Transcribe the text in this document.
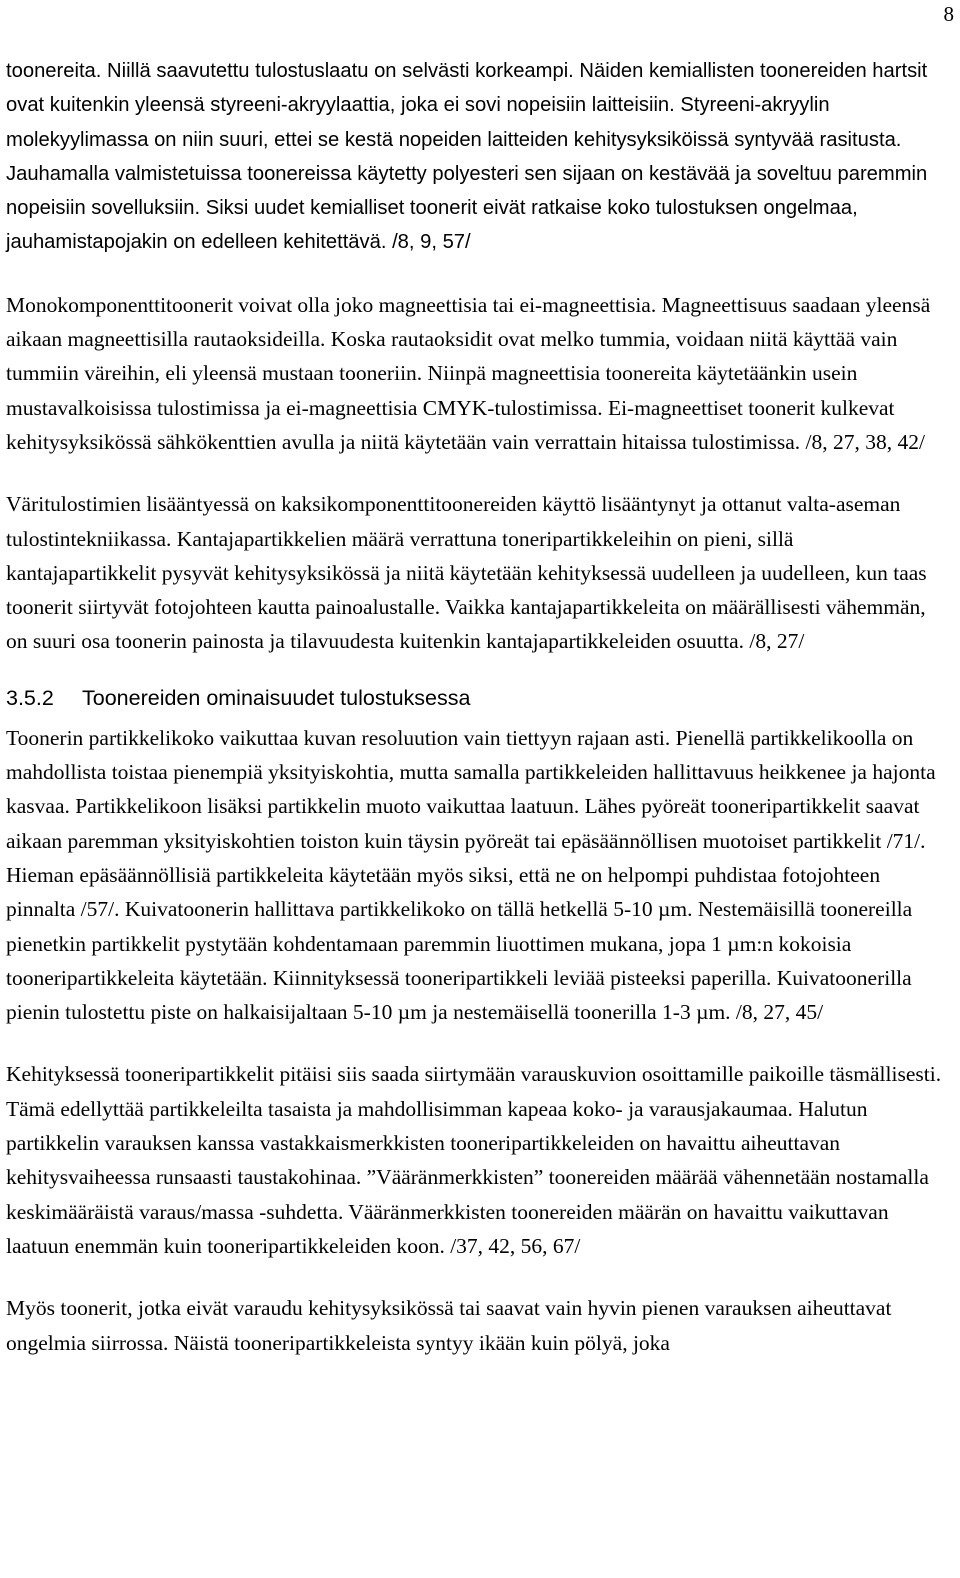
8

toonereita. Niillä saavutettu tulostuslaatu on selvästi korkeampi. Näiden kemiallisten toonereiden hartsit ovat kuitenkin yleensä styreeni-akryylaattia, joka ei sovi nopeisiin laitteisiin. Styreeni-akryylin molekyylimassa on niin suuri, ettei se kestä nopeiden laitteiden kehitysyksiköissä syntyvää rasitusta. Jauhamalla valmistetuissa toonereissa käytetty polyesteri sen sijaan on kestävää ja soveltuu paremmin nopeisiin sovelluksiin. Siksi uudet kemialliset toonerit eivät ratkaise koko tulostuksen ongelmaa, jauhamistapojakin on edelleen kehitettävä. /8, 9, 57/

Monokomponenttitoonerit voivat olla joko magneettisia tai ei-magneettisia. Magneettisuus saadaan yleensä aikaan magneettisilla rautaoksideilla. Koska rautaoksidit ovat melko tummia, voidaan niitä käyttää vain tummiin väreihin, eli yleensä mustaan tooneriin. Niinpä magneettisia toonereita käytetäänkin usein mustavalkoisissa tulostimissa ja ei-magneettisia CMYK-tulostimissa. Ei-magneettiset toonerit kulkevat kehitysyksikössä sähkökenttien avulla ja niitä käytetään vain verrattain hitaissa tulostimissa. /8, 27, 38, 42/

Väritulostimien lisääntyessä on kaksikomponenttitoonereiden käyttö lisääntynyt ja ottanut valta-aseman tulostintekniikassa. Kantajapartikkelien määrä verrattuna toneripartikkeleihin on pieni, sillä kantajapartikkelit pysyvät kehitysyksikössä ja niitä käytetään kehityksessä uudelleen ja uudelleen, kun taas toonerit siirtyvät fotojohteen kautta painoalustalle. Vaikka kantajapartikkeleita on määrällisesti vähemmän, on suuri osa toonerin painosta ja tilavuudesta kuitenkin kantajapartikkeleiden osuutta. /8, 27/

3.5.2 Toonereiden ominaisuudet tulostuksessa

Toonerin partikkelikoko vaikuttaa kuvan resoluution vain tiettyyn rajaan asti. Pienellä partikkelikoolla on mahdollista toistaa pienempiä yksityiskohtia, mutta samalla partikkeleiden hallittavuus heikkenee ja hajonta kasvaa. Partikkelikoon lisäksi partikkelin muoto vaikuttaa laatuun. Lähes pyöreät tooneripartikkelit saavat aikaan paremman yksityiskohtien toiston kuin täysin pyöreät tai epäsäännöllisen muotoiset partikkelit /71/. Hieman epäsäännöllisiä partikkeleita käytetään myös siksi, että ne on helpompi puhdistaa fotojohteen pinnalta /57/. Kuivatoonerin hallittava partikkelikoko on tällä hetkellä 5-10 µm. Nestemäisillä toonereilla pienetkin partikkelit pystytään kohdentamaan paremmin liuottimen mukana, jopa 1 µm:n kokoisia tooneripartikkeleita käytetään. Kiinnityksessä tooneripartikkeli leviää pisteeksi paperilla. Kuivatoonerilla pienin tulostettu piste on halkaisijaltaan 5-10 µm ja nestemäisellä toonerilla 1-3 µm. /8, 27, 45/

Kehityksessä tooneripartikkelit pitäisi siis saada siirtymään varauskuvion osoittamille paikoille täsmällisesti. Tämä edellyttää partikkeleilta tasaista ja mahdollisimman kapeaa koko- ja varausjakaumaa. Halutun partikkelin varauksen kanssa vastakkaismerkkisten tooneripartikkeleiden on havaittu aiheuttavan kehitysvaiheessa runsaasti taustakohinaa. ”Vääränmerkkisten” toonereiden määrää vähennetään nostamalla keskimääräistä varaus/massa -suhdetta. Vääränmerkkisten toonereiden määrän on havaittu vaikuttavan laatuun enemmän kuin tooneripartikkeleiden koon. /37, 42, 56, 67/

Myös toonerit, jotka eivät varaudu kehitysyksikössä tai saavat vain hyvin pienen varauksen aiheuttavat ongelmia siirrossa. Näistä tooneripartikkeleista syntyy ikään kuin pölyä, joka
